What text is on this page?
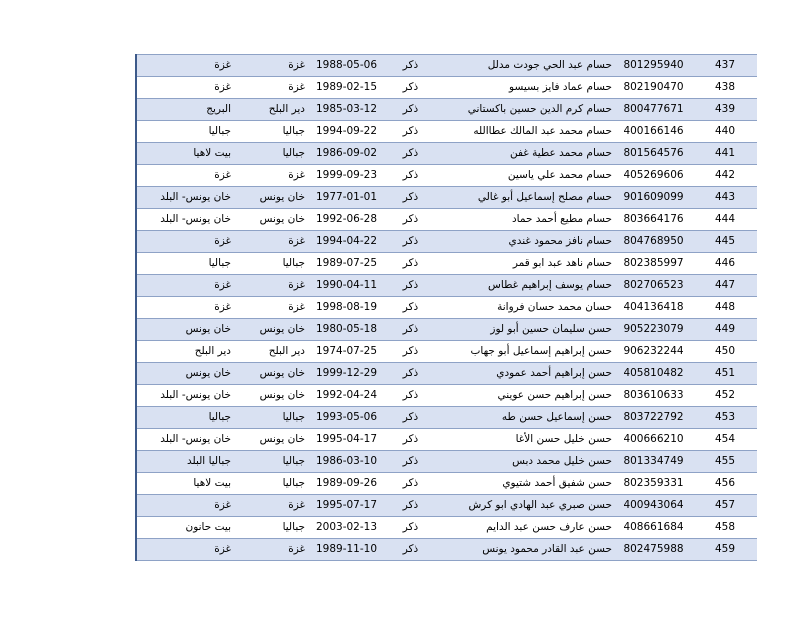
غزة	غزة	1988-05-06	ذكر	حسام عبد الحي جودت مدلل	801295940	437
غزة	غزة	1989-02-15	ذكر	حسام عماد فايز بسيسو	802190470	438
البريج	دير البلح	1985-03-12	ذكر	حسام كرم الدين حسين باكستاني	800477671	439
جباليا	جباليا	1994-09-22	ذكر	حسام محمد عبد المالك عطاالله	400166146	440
بيت لاهيا	جباليا	1986-09-02	ذكر	حسام محمد عطية غفن	801564576	441
غزة	غزة	1999-09-23	ذكر	حسام محمد علي ياسين	405269606	442
خان يونس- البلد	خان يونس	1977-01-01	ذكر	حسام مصلح إسماعيل أبو غالي	901609099	443
خان يونس- البلد	خان يونس	1992-06-28	ذكر	حسام مطيع أحمد حماد	803664176	444
غزة	غزة	1994-04-22	ذكر	حسام نافز محمود غندي	804768950	445
جباليا	جباليا	1989-07-25	ذكر	حسام ناهد عبد ابو قمر	802385997	446
غزة	غزة	1990-04-11	ذكر	حسام يوسف إبراهيم غطاس	802706523	447
غزة	غزة	1998-08-19	ذكر	حسان محمد حسان فروانة	404136418	448
خان يونس	خان يونس	1980-05-18	ذكر	حسن سليمان حسين أبو لوز	905223079	449
دير البلح	دير البلح	1974-07-25	ذكر	حسن إبراهيم إسماعيل أبو جهاب	906232244	450
خان يونس	خان يونس	1999-12-29	ذكر	حسن إبراهيم أحمد عمودي	405810482	451
خان يونس- البلد	خان يونس	1992-04-24	ذكر	حسن إبراهيم حسن عويني	803610633	452
جباليا	جباليا	1993-05-06	ذكر	حسن إسماعيل حسن طه	803722792	453
خان يونس- البلد	خان يونس	1995-04-17	ذكر	حسن خليل حسن الأغا	400666210	454
جباليا البلد	جباليا	1986-03-10	ذكر	حسن خليل محمد دبس	801334749	455
بيت لاهيا	جباليا	1989-09-26	ذكر	حسن شفيق أحمد شتيوي	802359331	456
غزة	غزة	1995-07-17	ذكر	حسن صبري عبد الهادي ابو كرش	400943064	457
بيت حانون	جباليا	2003-02-13	ذكر	حسن عارف حسن عبد الدايم	408661684	458
غزة	غزة	1989-11-10	ذكر	حسن عبد القادر محمود يونس	802475988	459
